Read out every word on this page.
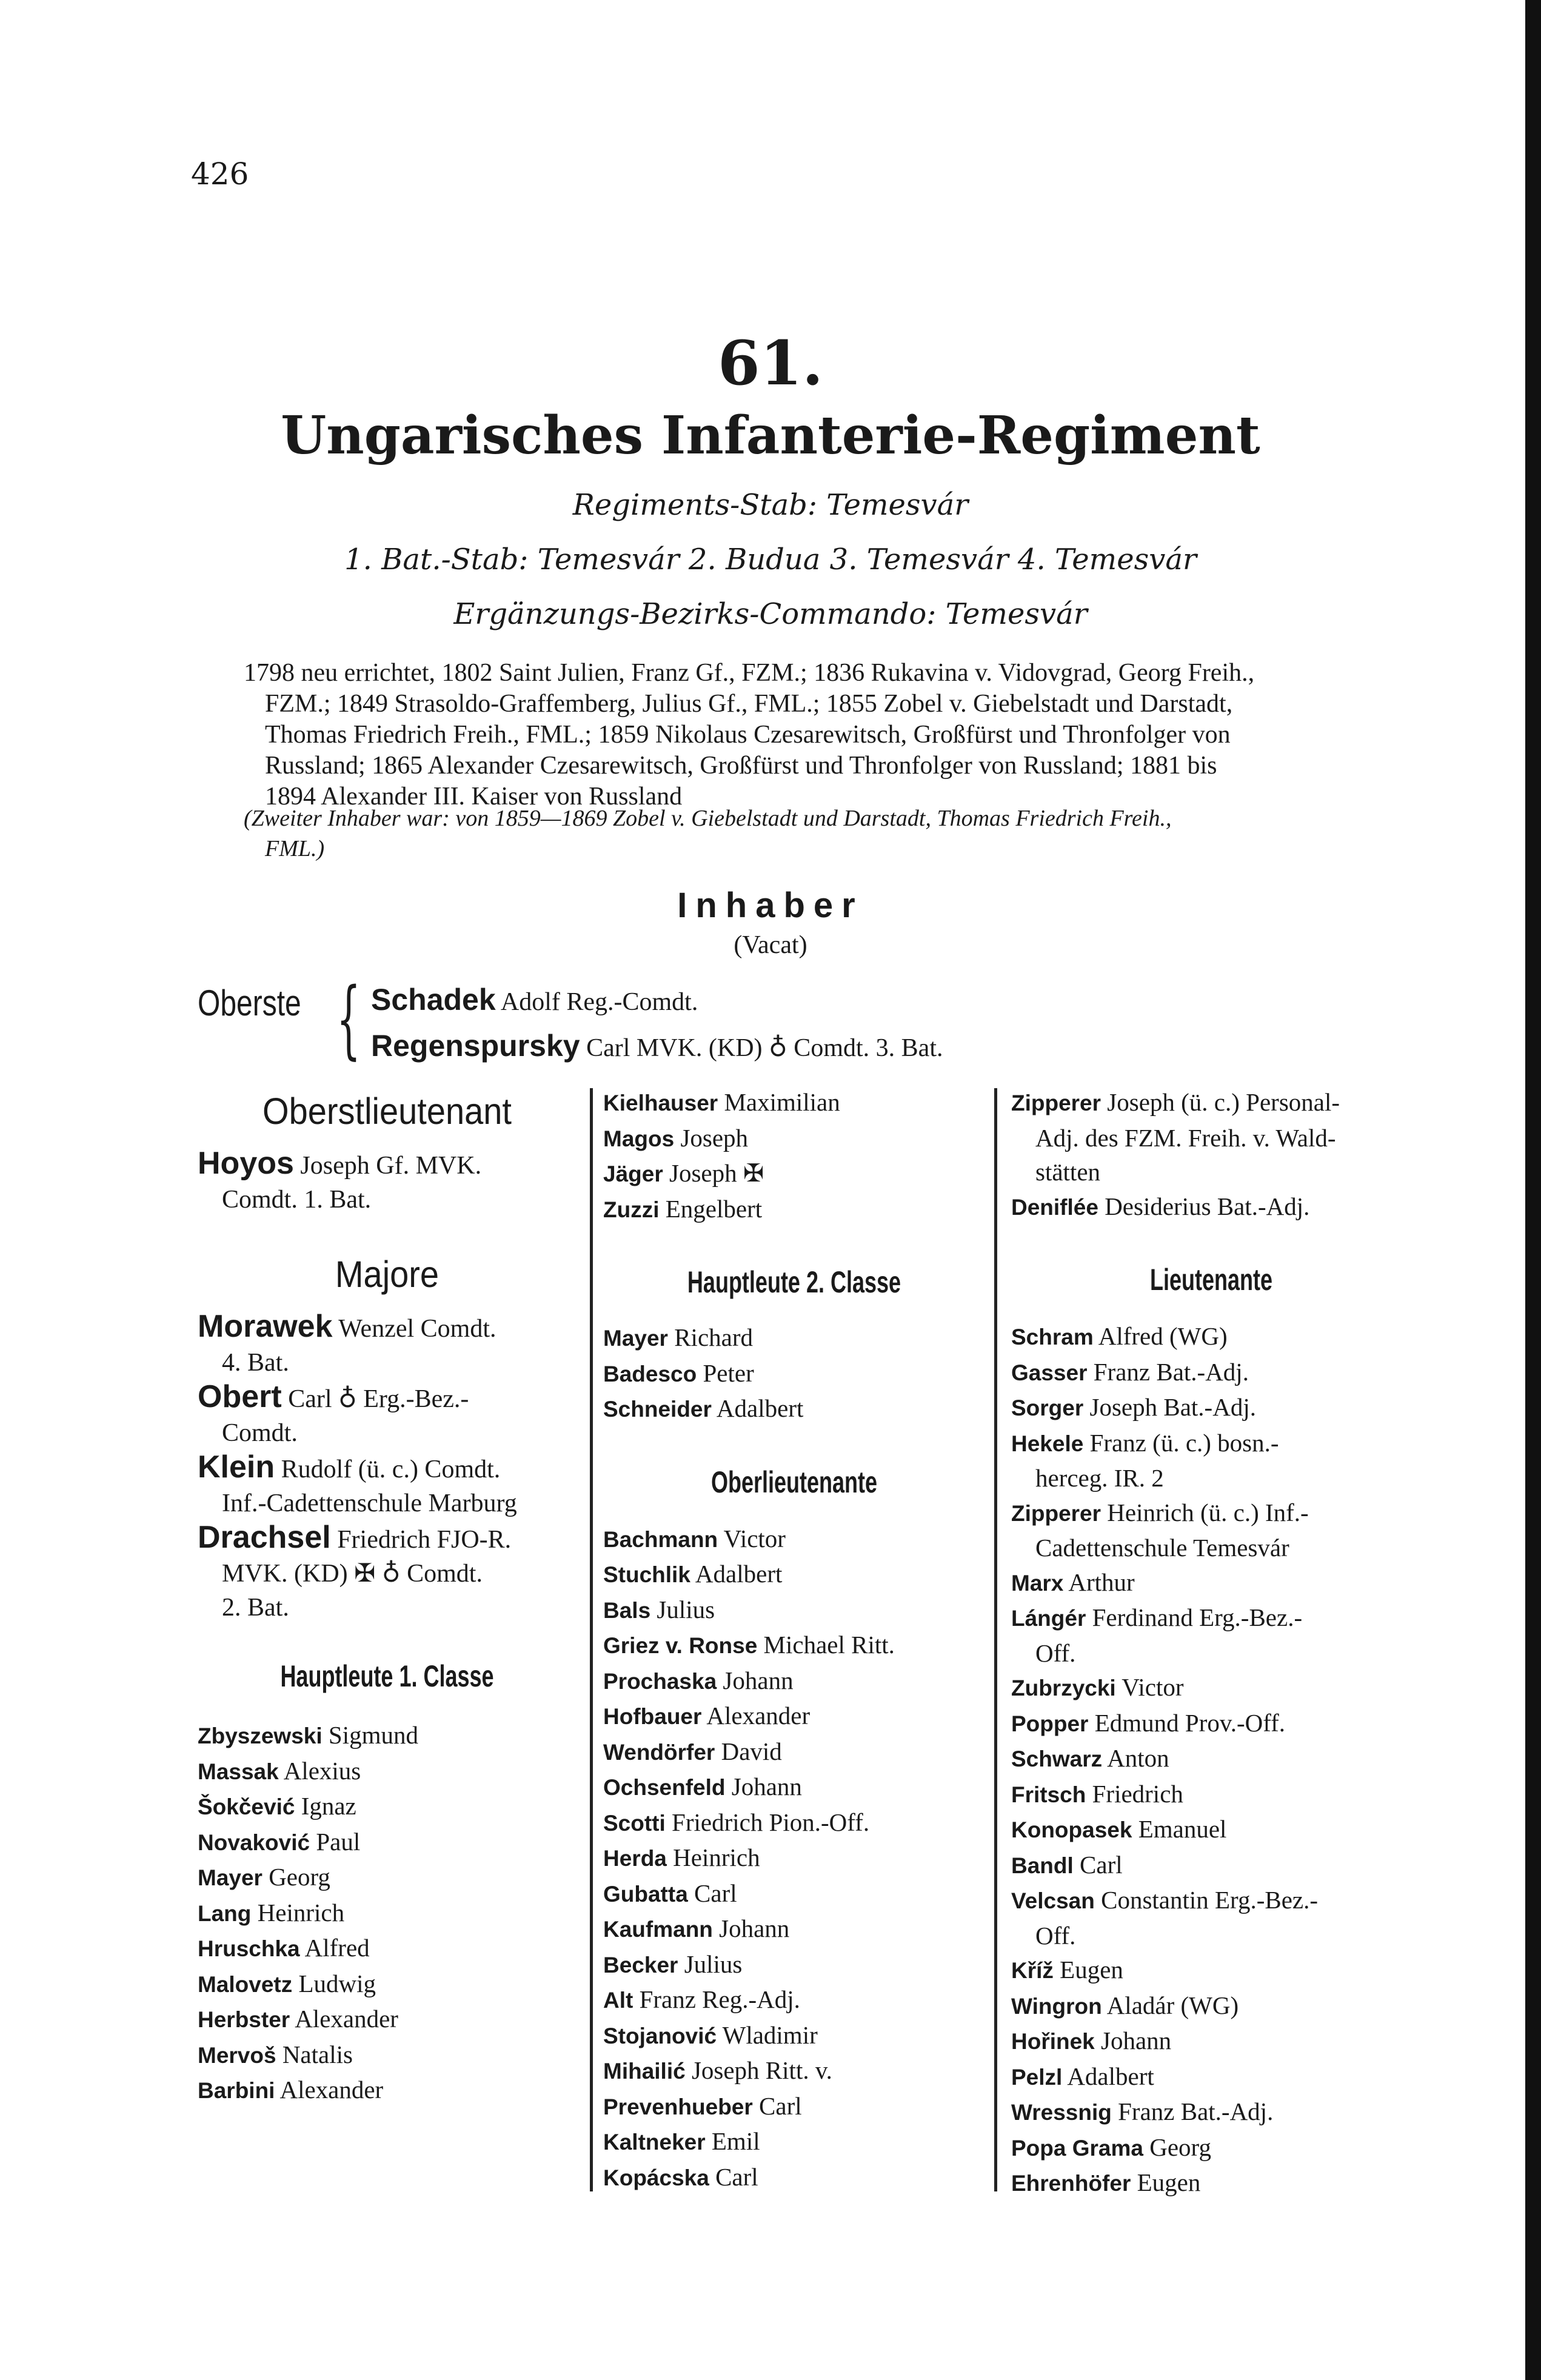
426
61.
Ungarisches Infanterie-Regiment
Regiments-Stab: Temesvár
1. Bat.-Stab: Temesvár 2. Budua 3. Temesvár 4. Temesvár
Ergänzungs-Bezirks-Commando: Temesvár
1798 neu errichtet, 1802 Saint Julien, Franz Gf., FZM.; 1836 Rukavina v. Vidovgrad, Georg Freih.,
FZM.; 1849 Strasoldo-Graffemberg, Julius Gf., FML.; 1855 Zobel v. Giebelstadt und Darstadt,
Thomas Friedrich Freih., FML.; 1859 Nikolaus Czesarewitsch, Großfürst und Thronfolger von
Russland; 1865 Alexander Czesarewitsch, Großfürst und Thronfolger von Russland; 1881 bis
1894 Alexander III. Kaiser von Russland
(Zweiter Inhaber war: von 1859—1869 Zobel v. Giebelstadt und Darstadt, Thomas Friedrich Freih.,
FML.)
Inhaber
(Vacat)
Oberste { Schadek Adolf Reg.-Comdt.
Regenspursky Carl MVK. (KD) ♁ Comdt. 3. Bat.
Oberstlieutenant
Hoyos Joseph Gf. MVK.
Comdt. 1. Bat.
Majore
Morawek Wenzel Comdt.
4. Bat.
Obert Carl ♁ Erg.-Bez.-
Comdt.
Klein Rudolf (ü. c.) Comdt.
Inf.-Cadettenschule Marburg
Drachsel Friedrich FJO-R.
MVK. (KD) ✠ ♁ Comdt.
2. Bat.
Hauptleute 1. Classe
Zbyszewski Sigmund
Massak Alexius
Šokčević Ignaz
Novaković Paul
Mayer Georg
Lang Heinrich
Hruschka Alfred
Malovetz Ludwig
Herbster Alexander
Mervoš Natalis
Barbini Alexander
Kielhauser Maximilian
Magos Joseph
Jäger Joseph ✠
Zuzzi Engelbert
Hauptleute 2. Classe
Mayer Richard
Badesco Peter
Schneider Adalbert
Oberlieutenante
Bachmann Victor
Stuchlik Adalbert
Bals Julius
Griez v. Ronse Michael Ritt.
Prochaska Johann
Hofbauer Alexander
Wendörfer David
Ochsenfeld Johann
Scotti Friedrich Pion.-Off.
Herda Heinrich
Gubatta Carl
Kaufmann Johann
Becker Julius
Alt Franz Reg.-Adj.
Stojanović Wladimir
Mihailić Joseph Ritt. v.
Prevenhueber Carl
Kaltneker Emil
Kopácska Carl
Zipperer Joseph (ü. c.) Personal-
Adj. des FZM. Freih. v. Wald-
stätten
Deniflée Desiderius Bat.-Adj.
Lieutenante
Schram Alfred (WG)
Gasser Franz Bat.-Adj.
Sorger Joseph Bat.-Adj.
Hekele Franz (ü. c.) bosn.-
herceg. IR. 2
Zipperer Heinrich (ü. c.) Inf.-
Cadettenschule Temesvár
Marx Arthur
Lángér Ferdinand Erg.-Bez.-
Off.
Zubrzycki Victor
Popper Edmund Prov.-Off.
Schwarz Anton
Fritsch Friedrich
Konopasek Emanuel
Bandl Carl
Velcsan Constantin Erg.-Bez.-
Off.
Kříž Eugen
Wingron Aladár (WG)
Hořinek Johann
Pelzl Adalbert
Wressnig Franz Bat.-Adj.
Popa Grama Georg
Ehrenhöfer Eugen
